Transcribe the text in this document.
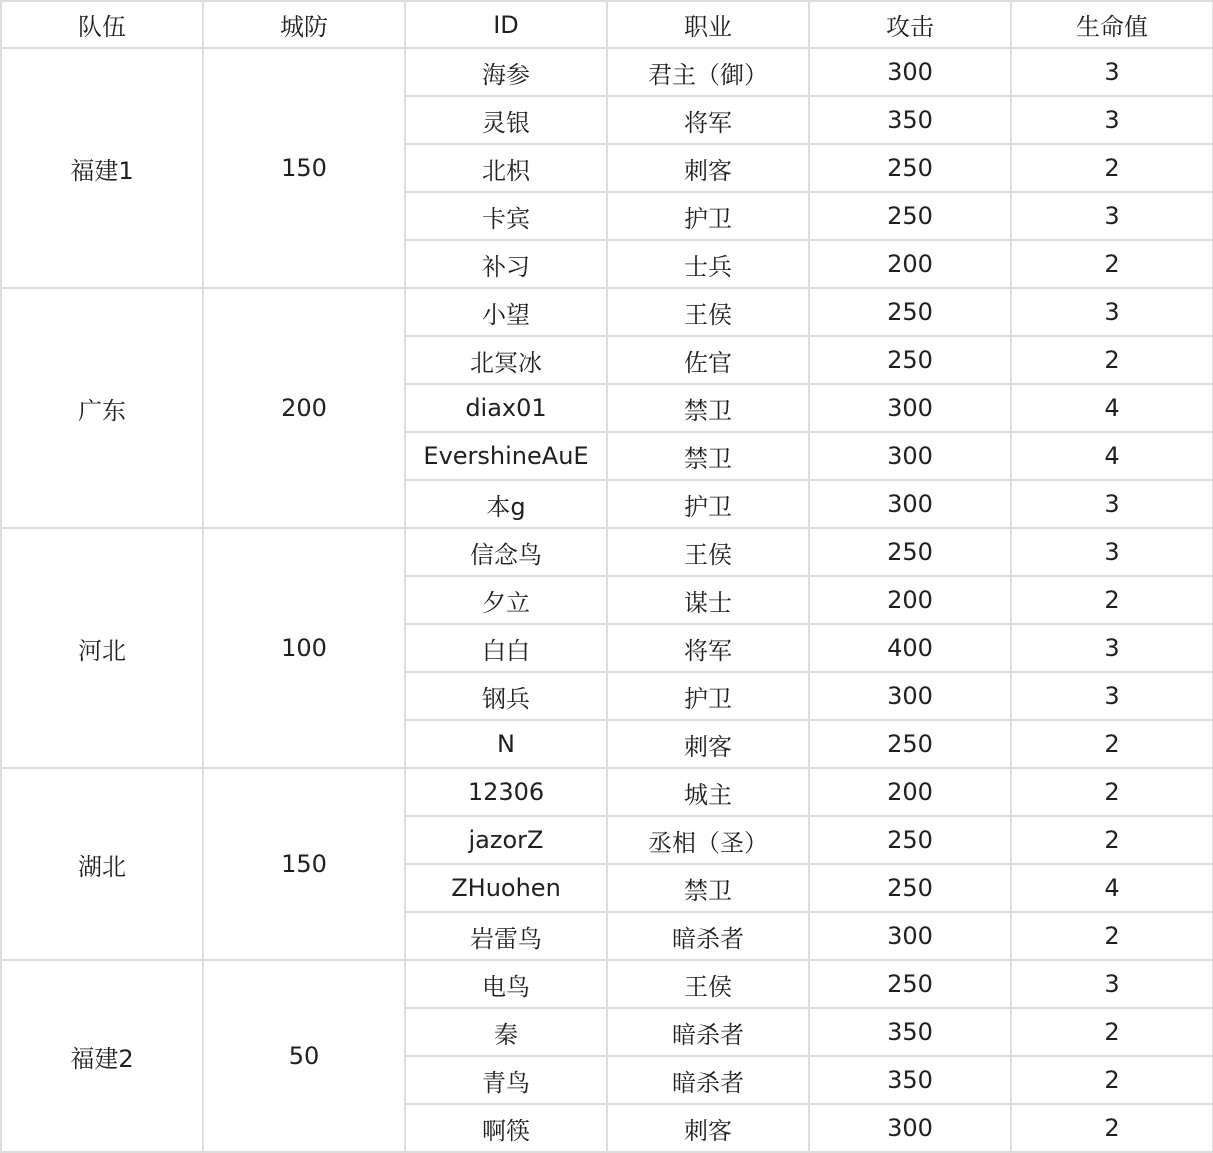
队伍	城防	ID	职业	攻击	生命值
福建1	150	海参	君主（御）	300	3
		灵银	将军	350	3
		北枳	刺客	250	2
		卡宾	护卫	250	3
		补习	士兵	200	2
广东	200	小望	王侯	250	3
		北冥冰	佐官	250	2
		diax01	禁卫	300	4
		EvershineAuE	禁卫	300	4
		本g	护卫	300	3
河北	100	信念鸟	王侯	250	3
		夕立	谋士	200	2
		白白	将军	400	3
		钢兵	护卫	300	3
		N	刺客	250	2
湖北	150	12306	城主	200	2
		jazorZ	丞相（圣）	250	2
		ZHuohen	禁卫	250	4
		岩雷鸟	暗杀者	300	2
福建2	50	电鸟	王侯	250	3
		秦	暗杀者	350	2
		青鸟	暗杀者	350	2
		啊筷	刺客	300	2
